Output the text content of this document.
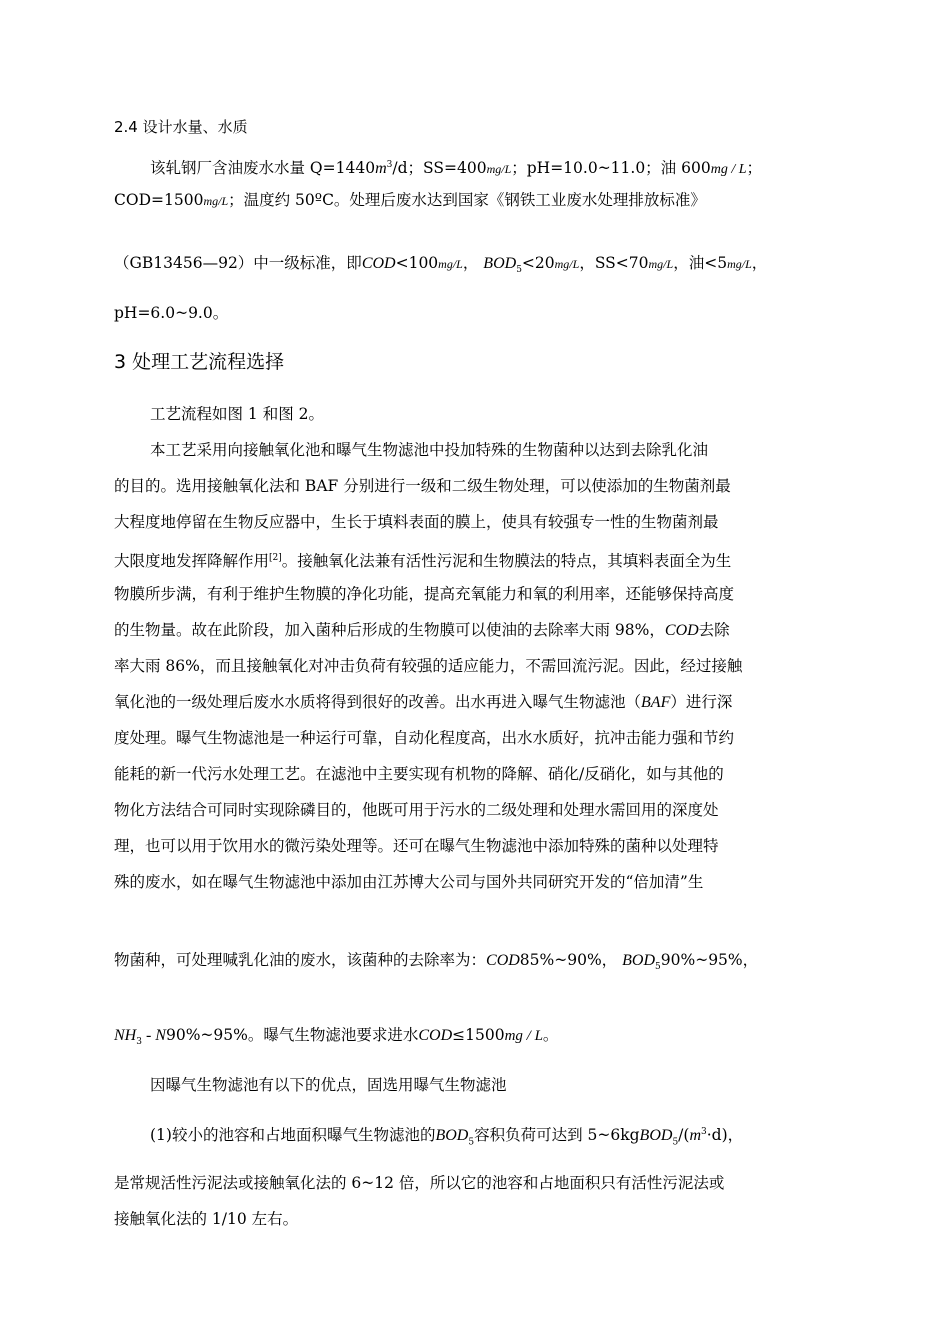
2.4 设计水量、水质
该轧钢厂含油废水水量 $Q=1440m^3/d$；SS=400mg/L；pH=10.0~11.0；油 600mg / L；
COD=1500mg/L；温度约 50ºC。处理后废水达到国家《钢铁工业废水处理排放标准》
（GB13456—92）中一级标准，即COD<100mg/L， $BOD_5<20mg/L$，SS<70mg/L，油<5mg/L，
pH=6.0~9.0。
3 处理工艺流程选择
工艺流程如图 1 和图 2。
本工艺采用向接触氧化池和曝气生物滤池中投加特殊的生物菌种以达到去除乳化油
的目的。选用接触氧化法和 BAF 分别进行一级和二级生物处理，可以使添加的生物菌剂最
大程度地停留在生物反应器中，生长于填料表面的膜上，使具有较强专一性的生物菌剂最
大限度地发挥降解作用[2]。接触氧化法兼有活性污泥和生物膜法的特点，其填料表面全为生
物膜所步满，有利于维护生物膜的净化功能，提高充氧能力和氧的利用率，还能够保持高度
的生物量。故在此阶段，加入菌种后形成的生物膜可以使油的去除率大雨 98%，COD去除
率大雨 86%，而且接触氧化对冲击负荷有较强的适应能力，不需回流污泥。因此，经过接触
氧化池的一级处理后废水水质将得到很好的改善。出水再进入曝气生物滤池（BAF）进行深
度处理。曝气生物滤池是一种运行可靠，自动化程度高，出水水质好，抗冲击能力强和节约
能耗的新一代污水处理工艺。在滤池中主要实现有机物的降解、硝化/反硝化，如与其他的
物化方法结合可同时实现除磷目的，他既可用于污水的二级处理和处理水需回用的深度处
理，也可以用于饮用水的微污染处理等。还可在曝气生物滤池中添加特殊的菌种以处理特
殊的废水，如在曝气生物滤池中添加由江苏博大公司与国外共同研究开发的“倍加清”生
物菌种，可处理喊乳化油的废水，该菌种的去除率为：COD85%~90%， $BOD_590\%\sim 95\%$，
$NH_3$ - N90%~95%。曝气生物滤池要求进水COD≤1500mg / L。
因曝气生物滤池有以下的优点，固选用曝气生物滤池
(1)较小的池容和占地面积曝气生物滤池的$BOD_5$容积负荷可达到 $5\sim 6kgBOD_5/(m^3\cdot d)$，
是常规活性污泥法或接触氧化法的 6~12 倍，所以它的池容和占地面积只有活性污泥法或
接触氧化法的 1/10 左右。
